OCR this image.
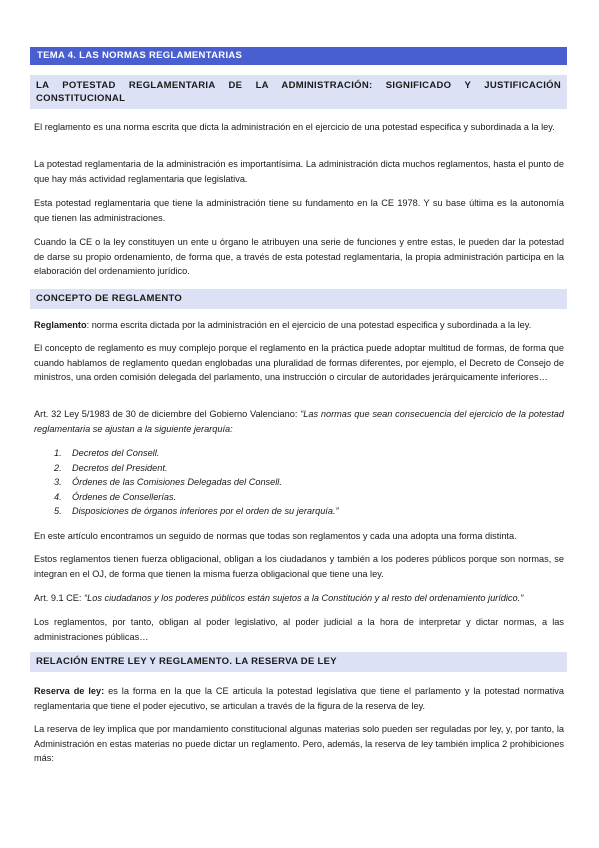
TEMA 4. LAS NORMAS REGLAMENTARIAS
LA POTESTAD REGLAMENTARIA DE LA ADMINISTRACIÓN: SIGNIFICADO Y JUSTIFICACIÓN CONSTITUCIONAL

El reglamento es una norma escrita que dicta la administración en el ejercicio de una potestad especifica y subordinada a la ley.

La potestad reglamentaria de la administración es importantísima. La administración dicta muchos reglamentos, hasta el punto de que hay más actividad reglamentaria que legislativa.

Esta potestad reglamentaria que tiene la administración tiene su fundamento en la CE 1978. Y su base última es la autonomía que tienen las administraciones.

Cuando la CE o la ley constituyen un ente u órgano le atribuyen una serie de funciones y entre estas, le pueden dar la potestad de darse su propio ordenamiento, de forma que, a través de esta potestad reglamentaria, la propia administración participa en la elaboración del ordenamiento jurídico.

CONCEPTO DE REGLAMENTO

Reglamento: norma escrita dictada por la administración en el ejercicio de una potestad especifica y subordinada a la ley.

El concepto de reglamento es muy complejo porque el reglamento en la práctica puede adoptar multitud de formas, de forma que cuando hablamos de reglamento quedan englobadas una pluralidad de formas diferentes, por ejemplo, el Decreto de Consejo de ministros, una orden comisión delegada del parlamento, una instrucción o circular de autoridades jerárquicamente inferiores…

Art. 32 Ley 5/1983 de 30 de diciembre del Gobierno Valenciano: “Las normas que sean consecuencia del ejercicio de la potestad reglamentaria se ajustan a la siguiente jerarquía:

1. Decretos del Consell.
2. Decretos del President.
3. Órdenes de las Comisiones Delegadas del Consell.
4. Órdenes de Consellerías.
5. Disposiciones de órganos inferiores por el orden de su jerarquía.”

En este artículo encontramos un seguido de normas que todas son reglamentos y cada una adopta una forma distinta.

Estos reglamentos tienen fuerza obligacional, obligan a los ciudadanos y también a los poderes públicos porque son normas, se integran en el OJ, de forma que tienen la misma fuerza obligacional que tiene una ley.

Art. 9.1 CE: “Los ciudadanos y los poderes públicos están sujetos a la Constitución y al resto del ordenamiento jurídico.”

Los reglamentos, por tanto, obligan al poder legislativo, al poder judicial a la hora de interpretar y dictar normas, a las administraciones públicas…

RELACIÓN ENTRE LEY Y REGLAMENTO. LA RESERVA DE LEY

Reserva de ley: es la forma en la que la CE articula la potestad legislativa que tiene el parlamento y la potestad normativa reglamentaria que tiene el poder ejecutivo, se articulan a través de la figura de la reserva de ley.

La reserva de ley implica que por mandamiento constitucional algunas materias solo pueden ser reguladas por ley, y, por tanto, la Administración en estas materias no puede dictar un reglamento. Pero, además, la reserva de ley también implica 2 prohibiciones más:
